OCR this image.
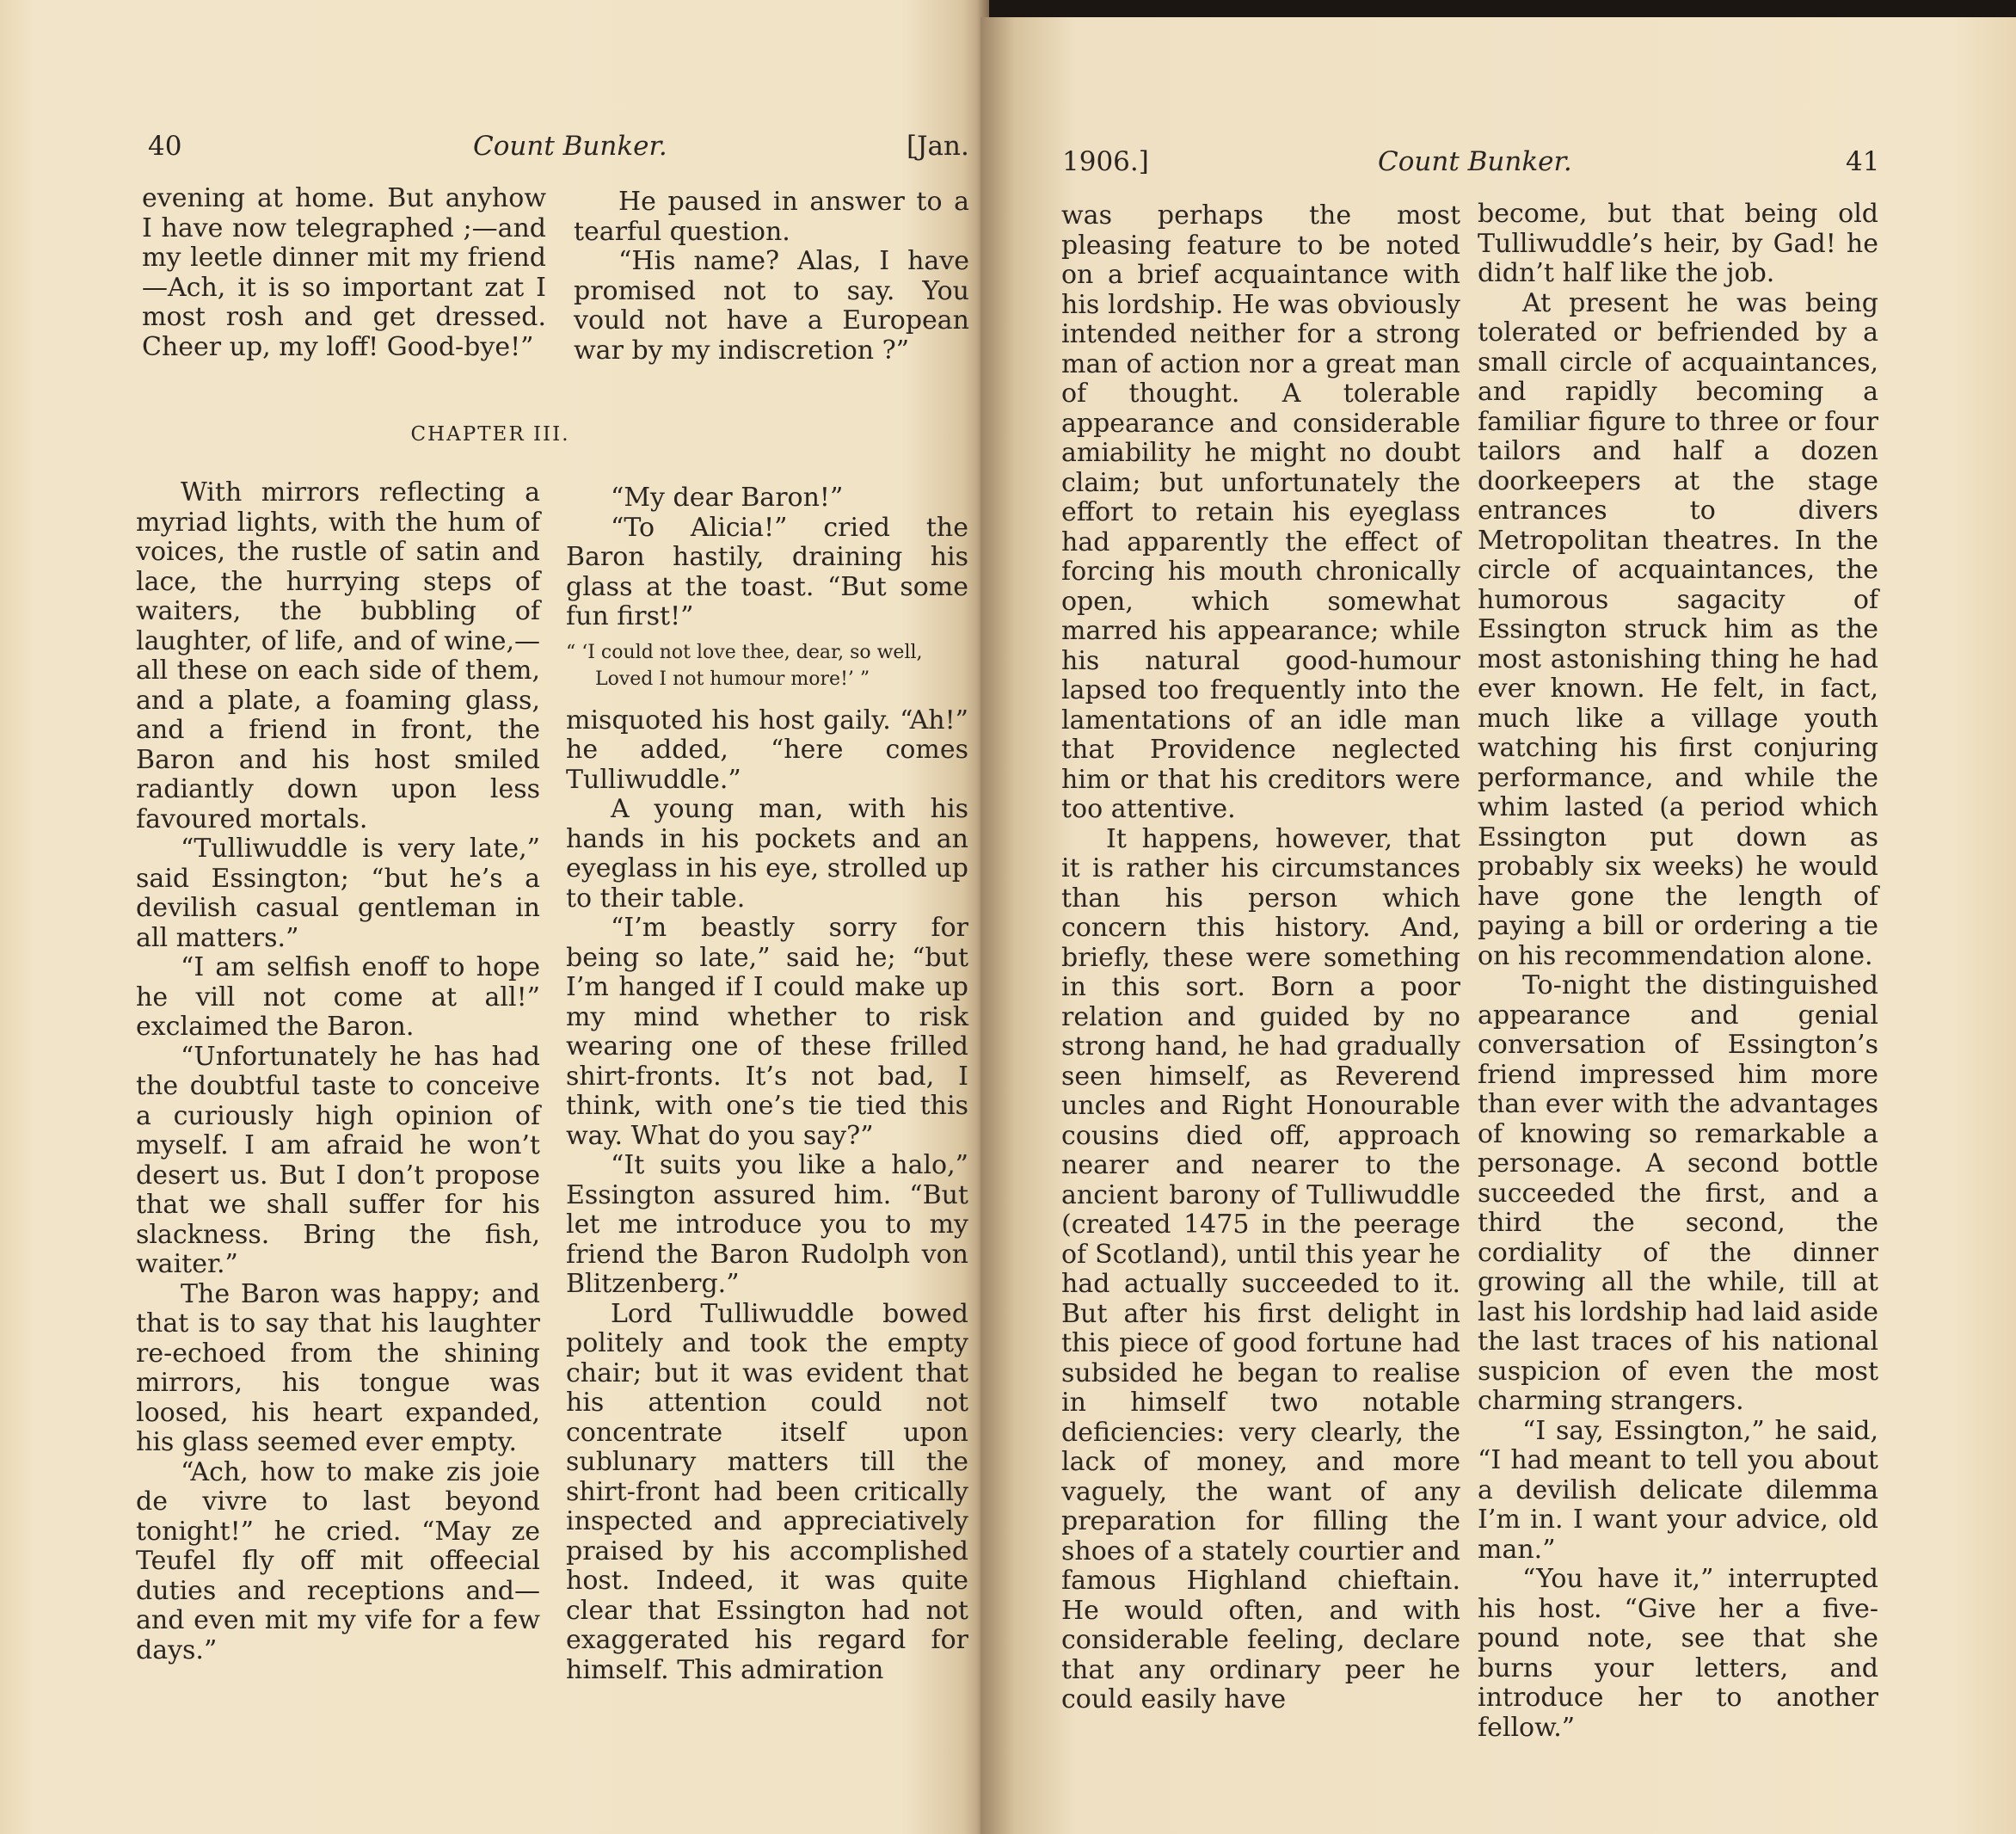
40	Count Bunker.	[Jan.

evening at home. But anyhow I have now telegraphed ;—and my leetle dinner mit my friend —Ach, it is so important zat I most rosh and get dressed. Cheer up, my loff! Good-bye!”

He paused in answer to a tearful question.

“His name? Alas, I have promised not to say. You vould not have a European war by my indiscretion ?”

CHAPTER III.

With mirrors reflecting a myriad lights, with the hum of voices, the rustle of satin and lace, the hurrying steps of waiters, the bubbling of laughter, of life, and of wine,—all these on each side of them, and a plate, a foaming glass, and a friend in front, the Baron and his host smiled radiantly down upon less favoured mortals.

“Tulliwuddle is very late,” said Essington; “but he’s a devilish casual gentleman in all matters.”

“I am selfish enoff to hope he vill not come at all!” exclaimed the Baron.

“Unfortunately he has had the doubtful taste to conceive a curiously high opinion of myself. I am afraid he won’t desert us. But I don’t propose that we shall suffer for his slackness. Bring the fish, waiter.”

The Baron was happy; and that is to say that his laughter re-echoed from the shining mirrors, his tongue was loosed, his heart expanded, his glass seemed ever empty.

“Ach, how to make zis joie de vivre to last beyond tonight!” he cried. “May ze Teufel fly off mit offeecial duties and receptions and—and even mit my vife for a few days.”

“My dear Baron!”

“To Alicia!” cried the Baron hastily, draining his glass at the toast. “But some fun first!”

“ ‘I could not love thee, dear, so well,
Loved I not humour more!’ ”

misquoted his host gaily. “Ah!” he added, “here comes Tulliwuddle.”

A young man, with his hands in his pockets and an eyeglass in his eye, strolled up to their table.

“I’m beastly sorry for being so late,” said he; “but I’m hanged if I could make up my mind whether to risk wearing one of these frilled shirt-fronts. It’s not bad, I think, with one’s tie tied this way. What do you say?”

“It suits you like a halo,” Essington assured him. “But let me introduce you to my friend the Baron Rudolph von Blitzenberg.”

Lord Tulliwuddle bowed politely and took the empty chair; but it was evident that his attention could not concentrate itself upon sublunary matters till the shirt-front had been critically inspected and appreciatively praised by his accomplished host. Indeed, it was quite clear that Essington had not exaggerated his regard for himself. This admiration

1906.]	Count Bunker.	41

was perhaps the most pleasing feature to be noted on a brief acquaintance with his lordship. He was obviously intended neither for a strong man of action nor a great man of thought. A tolerable appearance and considerable amiability he might no doubt claim; but unfortunately the effort to retain his eyeglass had apparently the effect of forcing his mouth chronically open, which somewhat marred his appearance; while his natural good-humour lapsed too frequently into the lamentations of an idle man that Providence neglected him or that his creditors were too attentive.

It happens, however, that it is rather his circumstances than his person which concern this history. And, briefly, these were something in this sort. Born a poor relation and guided by no strong hand, he had gradually seen himself, as Reverend uncles and Right Honourable cousins died off, approach nearer and nearer to the ancient barony of Tulliwuddle (created 1475 in the peerage of Scotland), until this year he had actually succeeded to it. But after his first delight in this piece of good fortune had subsided he began to realise in himself two notable deficiencies: very clearly, the lack of money, and more vaguely, the want of any preparation for filling the shoes of a stately courtier and famous Highland chieftain. He would often, and with considerable feeling, declare that any ordinary peer he could easily have

become, but that being old Tulliwuddle’s heir, by Gad! he didn’t half like the job.

At present he was being tolerated or befriended by a small circle of acquaintances, and rapidly becoming a familiar figure to three or four tailors and half a dozen doorkeepers at the stage entrances to divers Metropolitan theatres. In the circle of acquaintances, the humorous sagacity of Essington struck him as the most astonishing thing he had ever known. He felt, in fact, much like a village youth watching his first conjuring performance, and while the whim lasted (a period which Essington put down as probably six weeks) he would have gone the length of paying a bill or ordering a tie on his recommendation alone.

To-night the distinguished appearance and genial conversation of Essington’s friend impressed him more than ever with the advantages of knowing so remarkable a personage. A second bottle succeeded the first, and a third the second, the cordiality of the dinner growing all the while, till at last his lordship had laid aside the last traces of his national suspicion of even the most charming strangers.

“I say, Essington,” he said, “I had meant to tell you about a devilish delicate dilemma I’m in. I want your advice, old man.”

“You have it,” interrupted his host. “Give her a five-pound note, see that she burns your letters, and introduce her to another fellow.”
